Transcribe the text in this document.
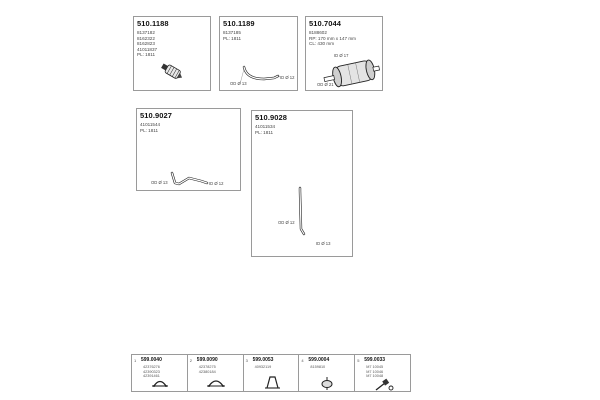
510.1188
8137182
8162322
8162823
41011837
PL: 1811
510.1189
8137185
PL: 1811
OD Ø 13
ID Ø 12
510.7044
8188602
RP: 170 mm x 147 mm
CL: 430 mm
ID Ø 17
OD Ø 21
510.9027
41011544
PL: 1811
OD Ø 13	ID Ø 12
510.9028
41011534
PL: 1811
OD Ø 12
ID Ø 13
1 599.0040
42376276
42390323
42391461
2 599.0090
42378275
42380184
3 599.0053
40932119
4 599.0004
8159810
5 599.0033
M7 10045
M7 10046
M7 10048
